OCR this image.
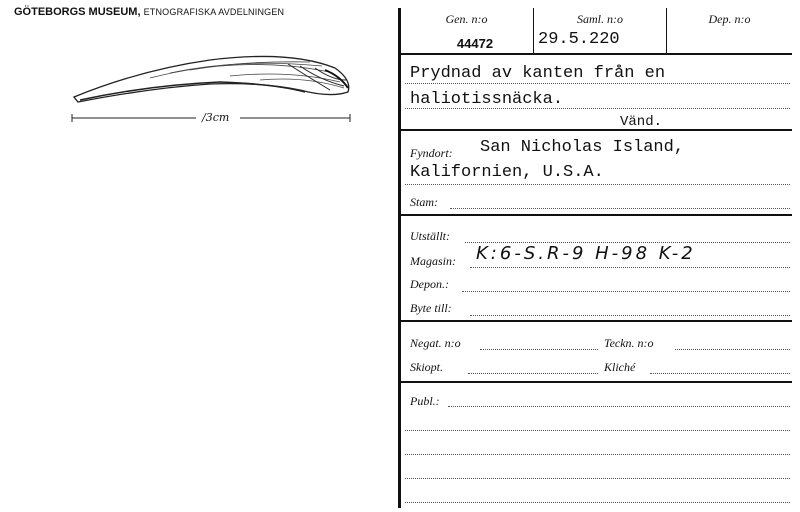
GÖTEBORGS MUSEUM, ETNOGRAFISKA AVDELNINGEN
/3cm
Gen. n:o
44472
Saml. n:o
29.5.220
Dep. n:o
Prydnad av kanten från en
haliotissnäcka.
Vänd.
Fyndort: San Nicholas Island,
Kalifornien, U.S.A.
Stam:
Utställt:
Magasin: K:6-S.R-9 H-98 K-2
Depon.:
Byte till:
Negat. n:o	Teckn. n:o
Skiopt.	Kliché
Publ.:
